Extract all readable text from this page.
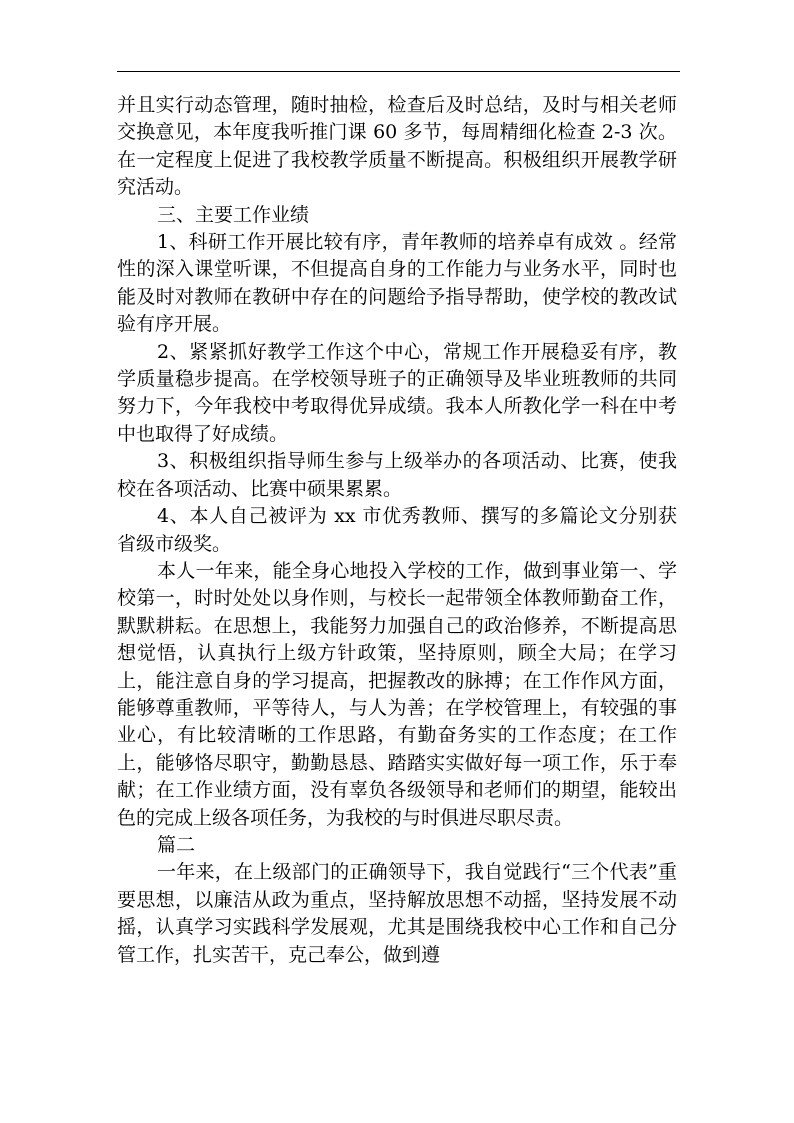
并且实行动态管理，随时抽检，检查后及时总结，及时与相关老师交换意见，本年度我听推门课 60 多节，每周精细化检查 2-3 次。在一定程度上促进了我校教学质量不断提高。积极组织开展教学研究活动。

三、主要工作业绩

1、科研工作开展比较有序，青年教师的培养卓有成效 。经常性的深入课堂听课，不但提高自身的工作能力与业务水平，同时也能及时对教师在教研中存在的问题给予指导帮助，使学校的教改试验有序开展。

2、紧紧抓好教学工作这个中心，常规工作开展稳妥有序，教学质量稳步提高。在学校领导班子的正确领导及毕业班教师的共同努力下，今年我校中考取得优异成绩。我本人所教化学一科在中考中也取得了好成绩。

3、积极组织指导师生参与上级举办的各项活动、比赛，使我校在各项活动、比赛中硕果累累。

4、本人自己被评为 xx 市优秀教师、撰写的多篇论文分别获省级市级奖。

本人一年来，能全身心地投入学校的工作，做到事业第一、学校第一，时时处处以身作则，与校长一起带领全体教师勤奋工作，默默耕耘。在思想上，我能努力加强自己的政治修养，不断提高思想觉悟，认真执行上级方针政策，坚持原则，顾全大局；在学习上，能注意自身的学习提高，把握教改的脉搏；在工作作风方面，能够尊重教师，平等待人，与人为善；在学校管理上，有较强的事业心，有比较清晰的工作思路，有勤奋务实的工作态度；在工作上，能够恪尽职守，勤勤恳恳、踏踏实实做好每一项工作，乐于奉献；在工作业绩方面，没有辜负各级领导和老师们的期望，能较出色的完成上级各项任务，为我校的与时俱进尽职尽责。

篇二

一年来，在上级部门的正确领导下，我自觉践行“三个代表”重要思想，以廉洁从政为重点，坚持解放思想不动摇，坚持发展不动摇，认真学习实践科学发展观，尤其是围绕我校中心工作和自己分管工作，扎实苦干，克己奉公，做到遵
